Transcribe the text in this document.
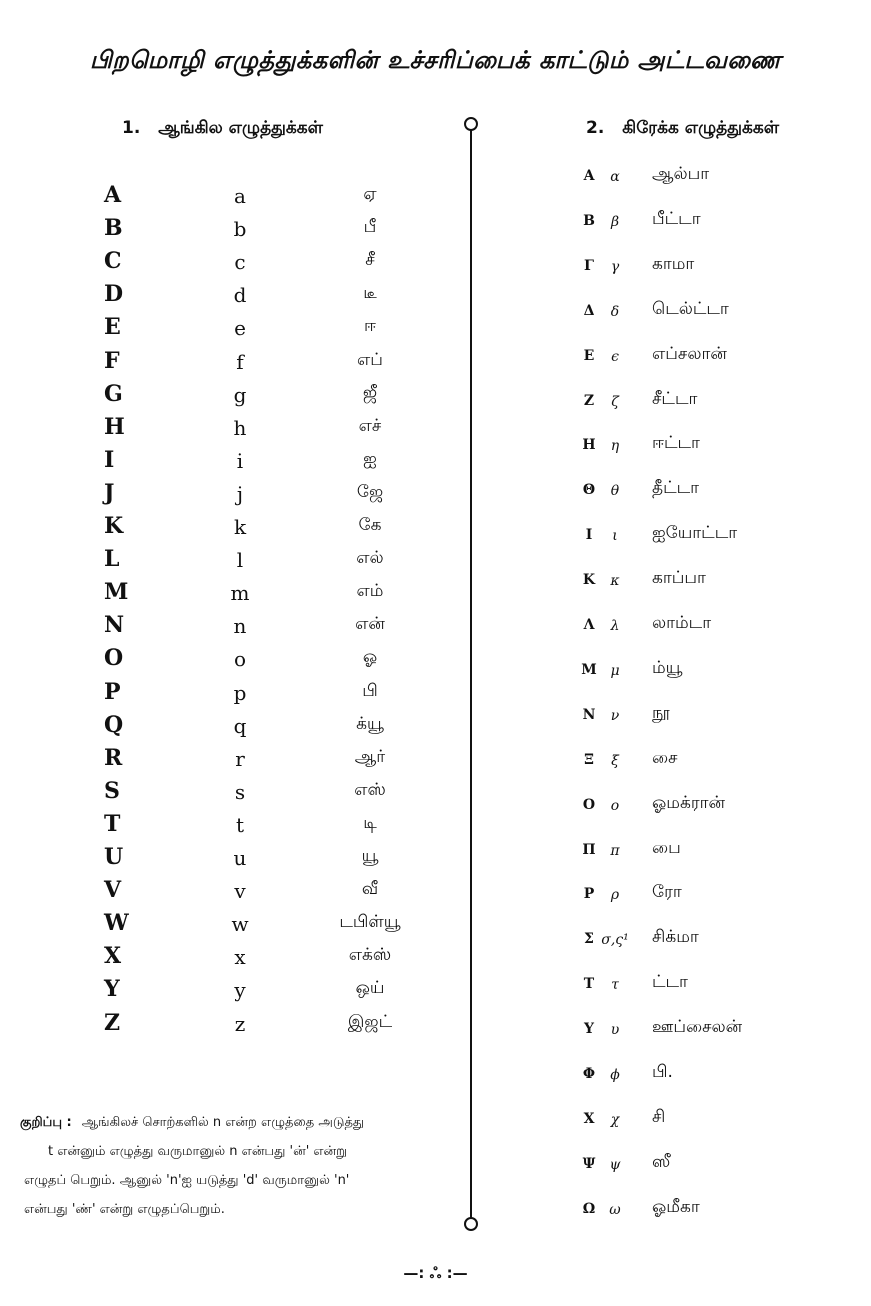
பிறமொழி எழுத்துக்களின் உச்சரிப்பைக் காட்டும் அட்டவணை
1. ஆங்கில எழுத்துக்கள்	2. கிரேக்க எழுத்துக்கள்
A	a	ஏ
B	b	பீ
C	c	சீ
D	d	டீ
E	e	ஈ
F	f	எப்
G	g	ஜீ
H	h	எச்
I	i	ஐ
J	j	ஜே
K	k	கே
L	l	எல்
M	m	எம்
N	n	என்
O	o	ஓ
P	p	பி
Q	q	க்யூ
R	r	ஆர்
S	s	எஸ்
T	t	டி
U	u	யூ
V	v	வீ
W	w	டபிள்யூ
X	x	எக்ஸ்
Y	y	ஒய்
Z	z	இஜட்
A	α	ஆல்பா
B	β	பீட்டா
Γ	γ	காமா
Δ	δ	டெல்ட்டா
E	ϵ	எப்சலான்
Z	ζ	சீட்டா
H	η	ஈட்டா
Θ	θ	தீட்டா
I	ι	ஐயோட்டா
K	κ	காப்பா
Λ	λ	லாம்டா
M μ	ம்யூ
N	ν	நூ
Ξ	ξ	சை
O	o	ஓமக்ரான்
Π	π	பை
P	ρ	ரோ
Σ σ,ς¹ சிக்மா
T	τ	ட்டா
Υ	υ	ஊப்சைலன்
Φ	ϕ	பி.
X	χ	சி
Ψ	ψ	ஸீ
Ω	ω	ஓமீகா
குறிப்பு : ஆங்கிலச் சொற்களில் n என்ற எழுத்தை அடுத்து
t என்னும் எழுத்து வருமானுல் n என்பது 'ன்' என்று
எழுதப் பெறும். ஆனுல் 'n'ஐ யடுத்து 'd' வருமானுல் 'n'
என்பது 'ண்' என்று எழுதப்பெறும்.
—: ஃ :—
